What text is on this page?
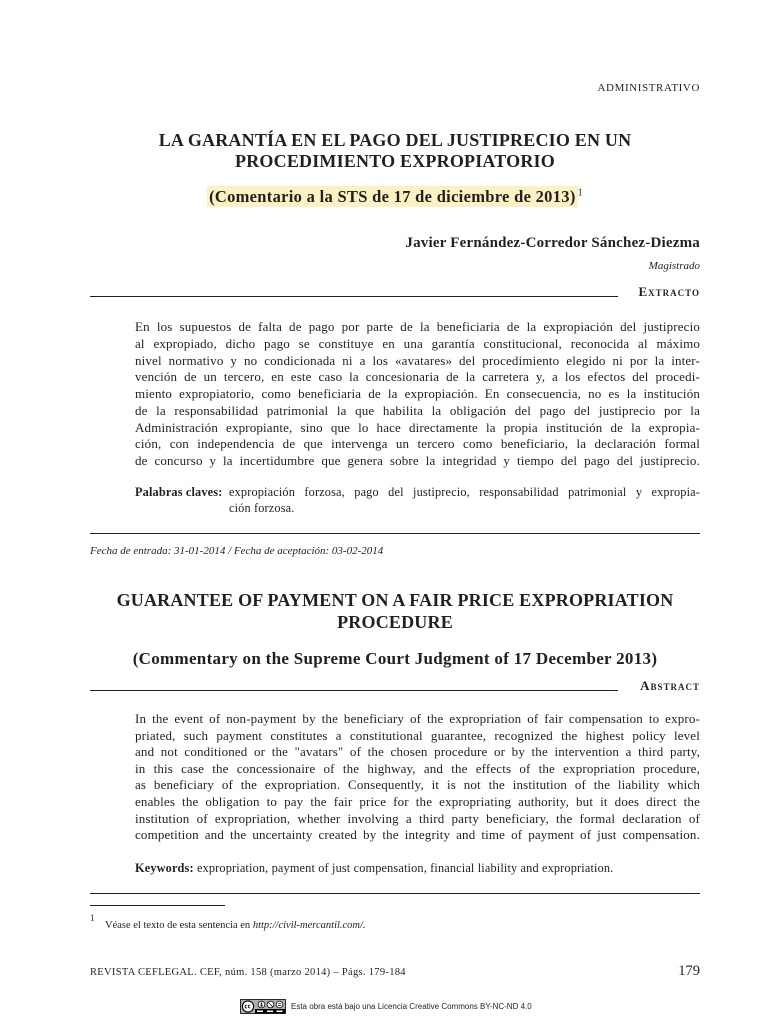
ADMINISTRATIVO
LA GARANTÍA EN EL PAGO DEL JUSTIPRECIO EN UN
PROCEDIMIENTO EXPROPIATORIO
(Comentario a la STS de 17 de diciembre de 2013) $^1$
Javier Fernández-Corredor Sánchez-Diezma
Magistrado
Extracto
En los supuestos de falta de pago por parte de la beneficiaria de la expropiación del justiprecio
al expropiado, dicho pago se constituye en una garantía constitucional, reconocida al máximo
nivel normativo y no condicionada ni a los «avatares» del procedimiento elegido ni por la inter-
vención de un tercero, en este caso la concesionaria de la carretera y, a los efectos del procedi-
miento expropiatorio, como beneficiaria de la expropiación. En consecuencia, no es la institución
de la responsabilidad patrimonial la que habilita la obligación del pago del justiprecio por la
Administración expropiante, sino que lo hace directamente la propia institución de la expropia-
ción, con independencia de que intervenga un tercero como beneficiario, la declaración formal
de concurso y la incertidumbre que genera sobre la integridad y tiempo del pago del justiprecio.
Palabras claves: expropiación forzosa, pago del justiprecio, responsabilidad patrimonial y expropia-
ción forzosa.
Fecha de entrada: 31-01-2014 / Fecha de aceptación: 03-02-2014
GUARANTEE OF PAYMENT ON A FAIR PRICE EXPROPRIATION
PROCEDURE
(Commentary on the Supreme Court Judgment of 17 December 2013)
Abstract
In the event of non-payment by the beneficiary of the expropriation of fair compensation to expro-
priated, such payment constitutes a constitutional guarantee, recognized the highest policy level
and not conditioned or the "avatars" of the chosen procedure or by the intervention a third party,
in this case the concessionaire of the highway, and the effects of the expropriation procedure,
as beneficiary of the expropriation. Consequently, it is not the institution of the liability which
enables the obligation to pay the fair price for the expropriating authority, but it does direct the
institution of expropriation, whether involving a third party beneficiary, the formal declaration of
competition and the uncertainty created by the integrity and time of payment of just compensation.
Keywords: expropriation, payment of just compensation, financial liability and expropriation.
1
Véase el texto de esta sentencia en http://civil-mercantil.com/.
REVISTA CEFLEGAL. CEF, núm. 158 (marzo 2014) – Págs. 179-184	179
Esta obra está bajo una Licencia Creative Commons BY-NC-ND 4.0
